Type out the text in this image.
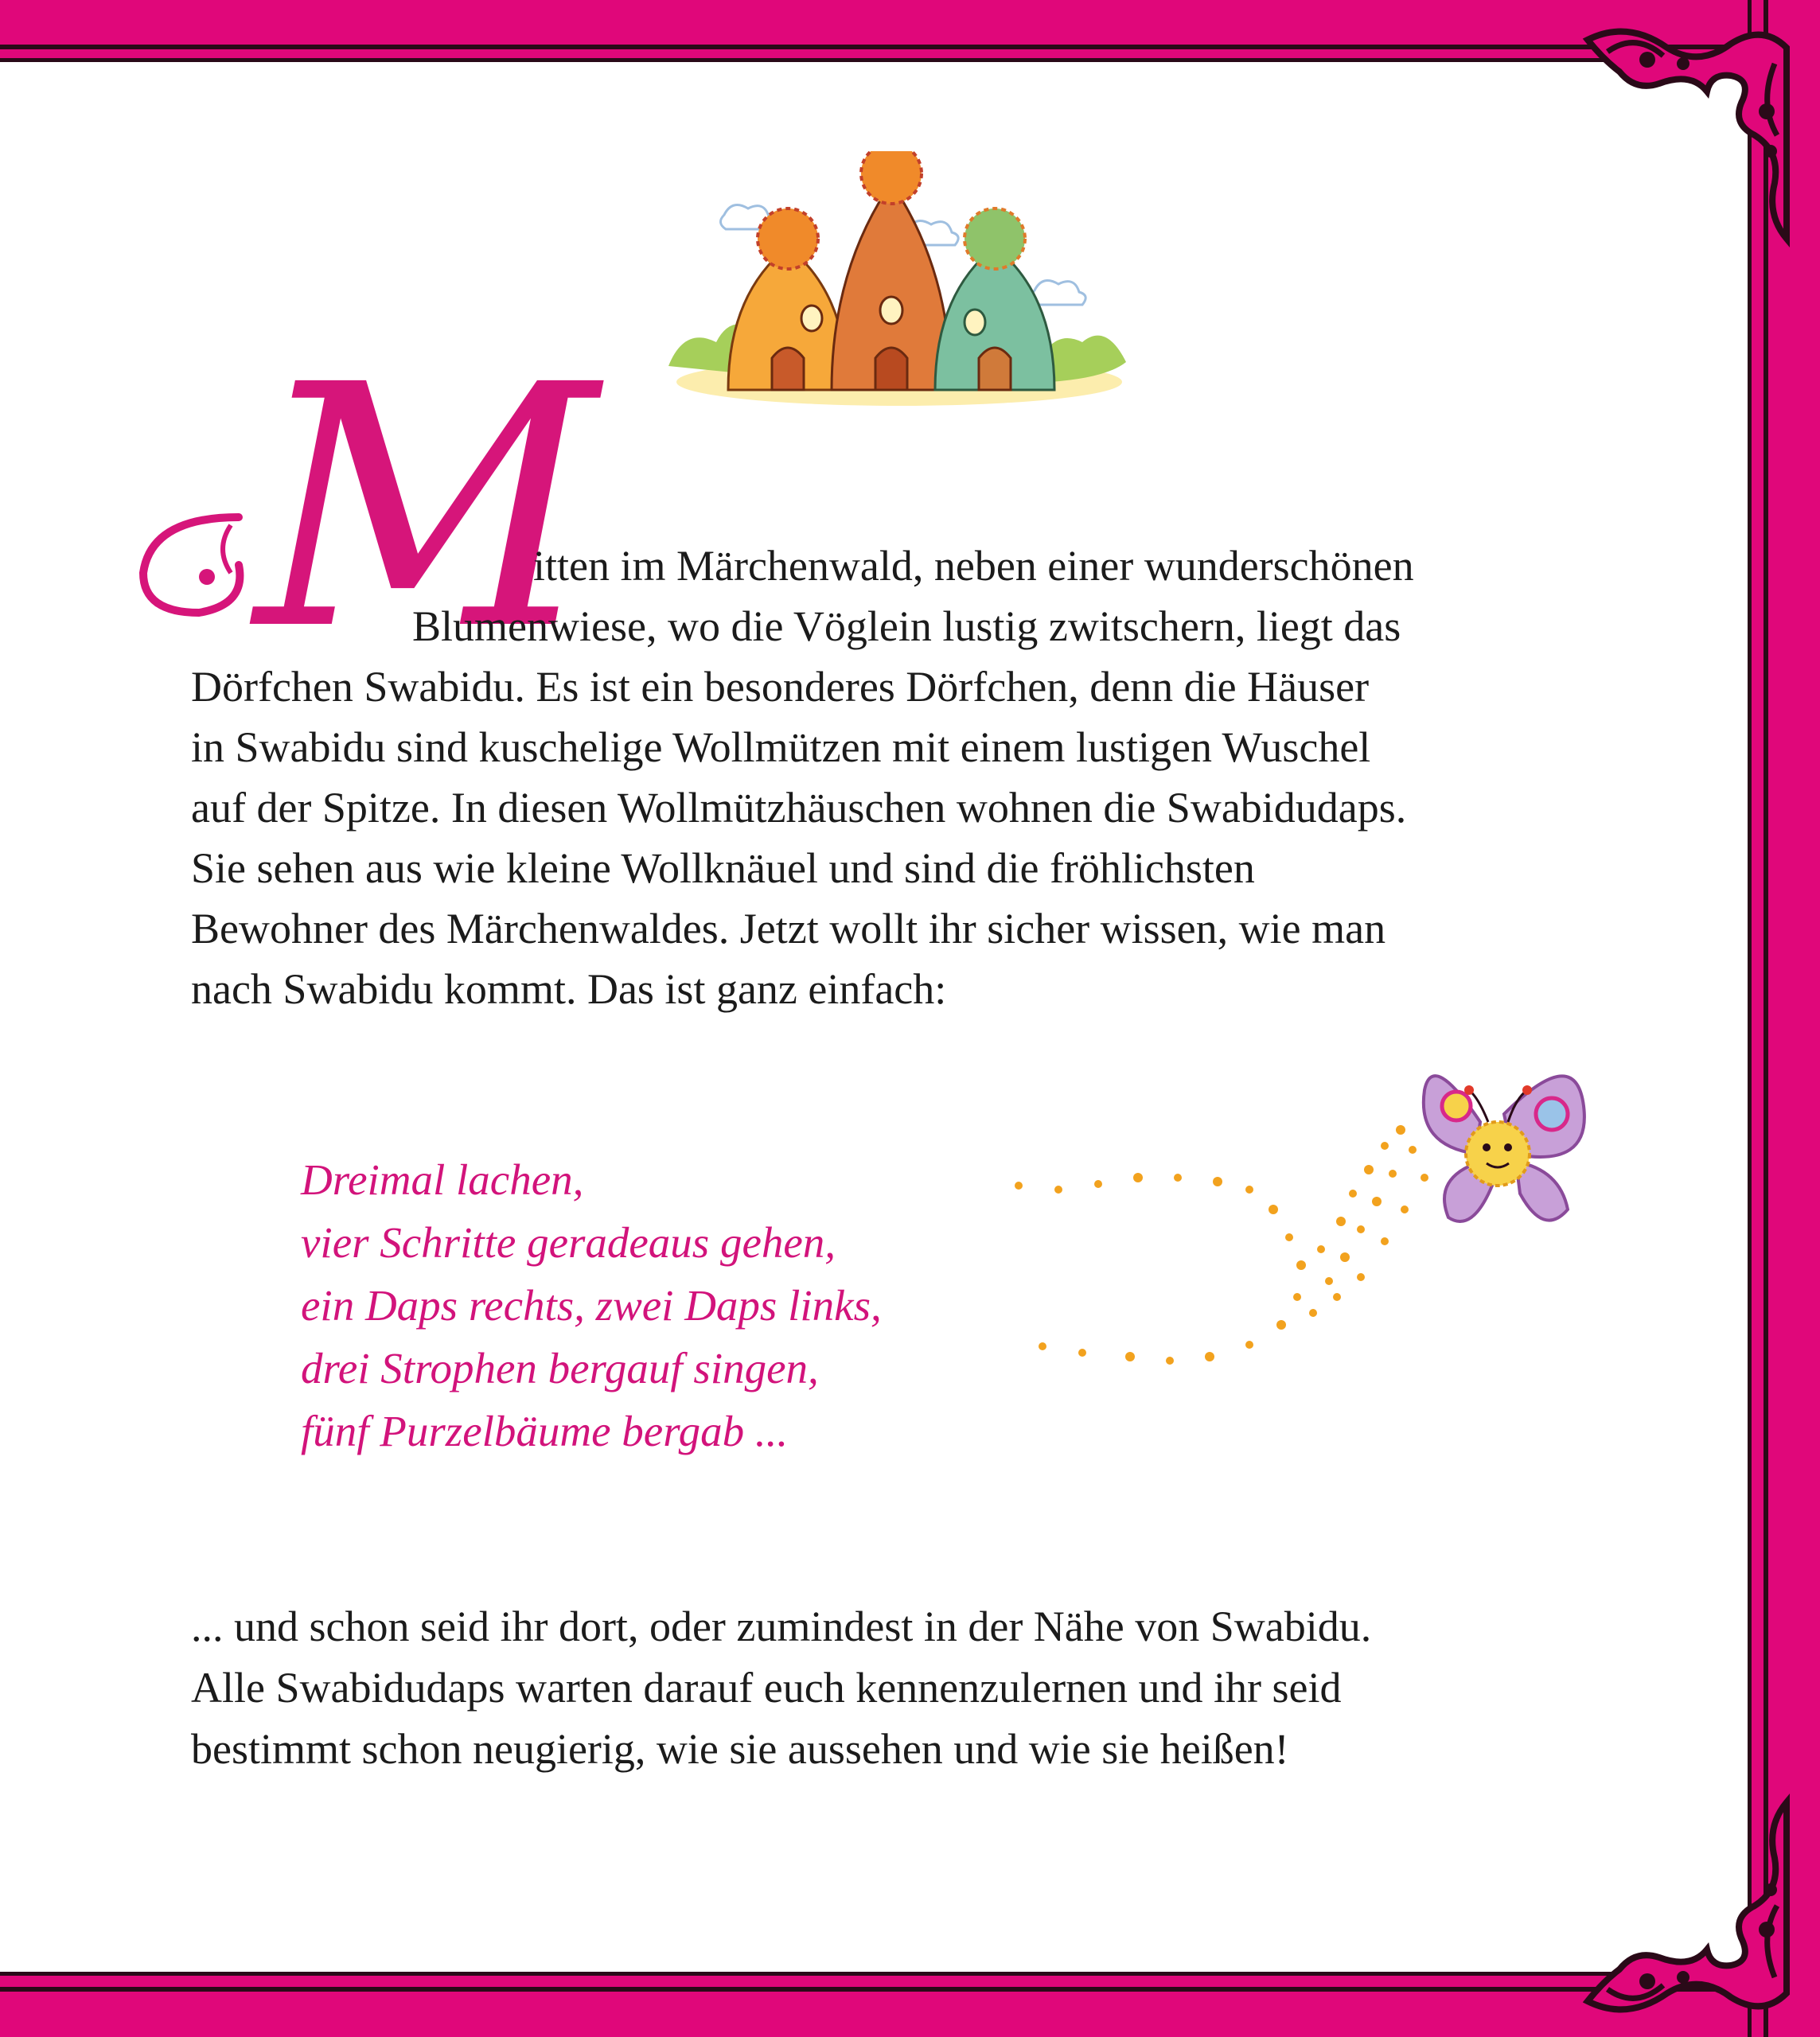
M

itten im Märchenwald, neben einer wunderschönen
Blumenwiese, wo die Vöglein lustig zwitschern, liegt das
Dörfchen Swabidu. Es ist ein besonderes Dörfchen, denn die Häuser
in Swabidu sind kuschelige Wollmützen mit einem lustigen Wuschel
auf der Spitze. In diesen Wollmützhäuschen wohnen die Swabidudaps.
Sie sehen aus wie kleine Wollknäuel und sind die fröhlichsten
Bewohner des Märchenwaldes. Jetzt wollt ihr sicher wissen, wie man
nach Swabidu kommt. Das ist ganz einfach:

Dreimal lachen,
vier Schritte geradeaus gehen,
ein Daps rechts, zwei Daps links,
drei Strophen bergauf singen,
fünf Purzelbäume bergab ...

... und schon seid ihr dort, oder zumindest in der Nähe von Swabidu.
Alle Swabidudaps warten darauf euch kennenzulernen und ihr seid
bestimmt schon neugierig, wie sie aussehen und wie sie heißen!
